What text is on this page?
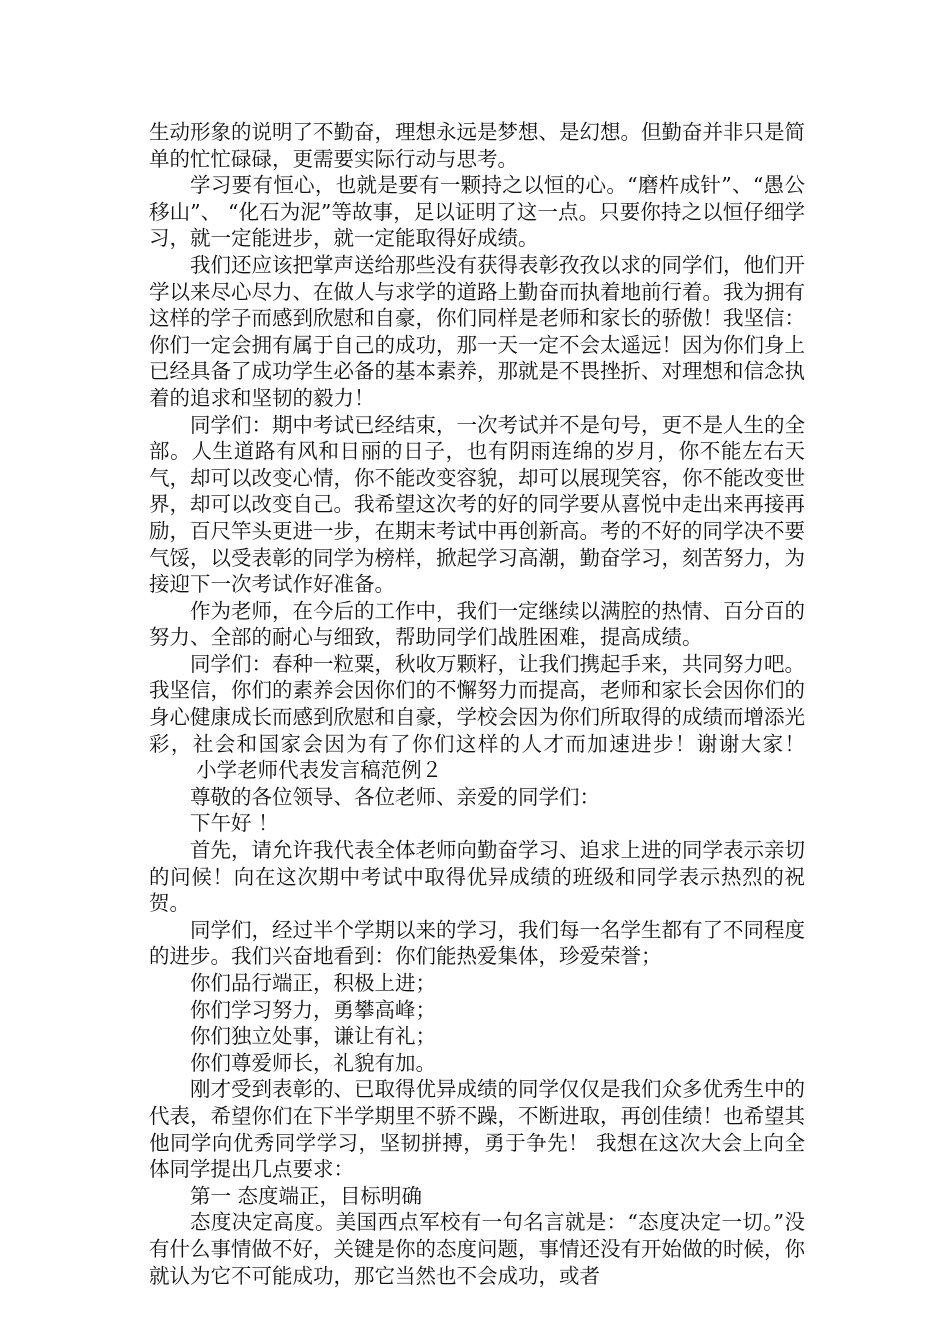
生动形象的说明了不勤奋，理想永远是梦想、是幻想。但勤奋并非只是简单的忙忙碌碌，更需要实际行动与思考。

学习要有恒心，也就是要有一颗持之以恒的心。“磨杵成针”、“愚公移山”、 “化石为泥”等故事，足以证明了这一点。只要你持之以恒仔细学习，就一定能进步，就一定能取得好成绩。

我们还应该把掌声送给那些没有获得表彰孜孜以求的同学们，他们开学以来尽心尽力、在做人与求学的道路上勤奋而执着地前行着。我为拥有这样的学子而感到欣慰和自豪，你们同样是老师和家长的骄傲！我坚信：你们一定会拥有属于自己的成功，那一天一定不会太遥远！因为你们身上已经具备了成功学生必备的基本素养，那就是不畏挫折、对理想和信念执着的追求和坚韧的毅力！

同学们：期中考试已经结束，一次考试并不是句号，更不是人生的全部。人生道路有风和日丽的日子，也有阴雨连绵的岁月，你不能左右天气，却可以改变心情，你不能改变容貌，却可以展现笑容，你不能改变世界，却可以改变自己。我希望这次考的好的同学要从喜悦中走出来再接再励，百尺竿头更进一步，在期末考试中再创新高。考的不好的同学决不要气馁，以受表彰的同学为榜样，掀起学习高潮，勤奋学习，刻苦努力，为接迎下一次考试作好准备。

作为老师，在今后的工作中，我们一定继续以满腔的热情、百分百的努力、全部的耐心与细致，帮助同学们战胜困难，提高成绩。

同学们：春种一粒粟，秋收万颗籽，让我们携起手来，共同努力吧。我坚信，你们的素养会因你们的不懈努力而提高，老师和家长会因你们的身心健康成长而感到欣慰和自豪，学校会因为你们所取得的成绩而增添光彩，社会和国家会因为有了你们这样的人才而加速进步！谢谢大家！小学老师代表发言稿范例２

尊敬的各位领导、各位老师、亲爱的同学们：

下午好 ！

首先，请允许我代表全体老师向勤奋学习、追求上进的同学表示亲切的问候！向在这次期中考试中取得优异成绩的班级和同学表示热烈的祝贺。

同学们，经过半个学期以来的学习，我们每一名学生都有了不同程度的进步。我们兴奋地看到：你们能热爱集体，珍爱荣誉；

你们品行端正，积极上进；

你们学习努力，勇攀高峰；

你们独立处事，谦让有礼；

你们尊爱师长，礼貌有加。

刚才受到表彰的、已取得优异成绩的同学仅仅是我们众多优秀生中的代表，希望你们在下半学期里不骄不躁，不断进取，再创佳绩！也希望其他同学向优秀同学学习，坚韧拼搏，勇于争先！ 我想在这次大会上向全体同学提出几点要求：

第一 态度端正，目标明确

态度决定高度。美国西点军校有一句名言就是：“态度决定一切。”没有什么事情做不好，关键是你的态度问题，事情还没有开始做的时候，你就认为它不可能成功，那它当然也不会成功，或者
